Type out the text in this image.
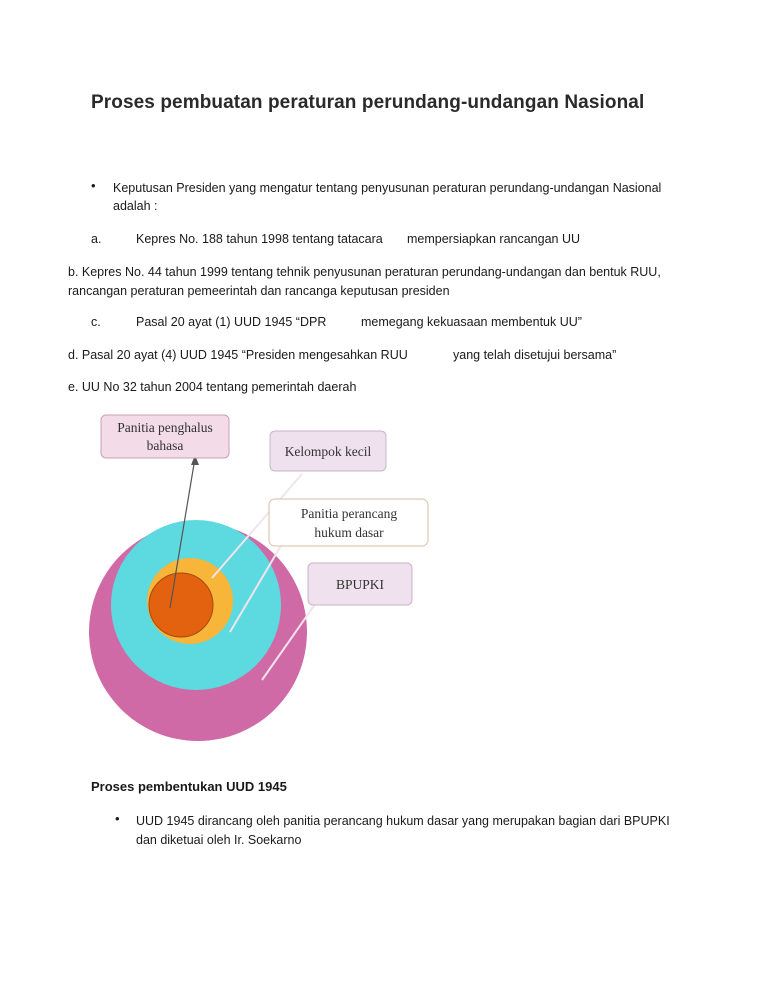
Proses pembuatan peraturan perundang-undangan Nasional
• Keputusan Presiden yang mengatur tentang penyusunan peraturan perundang-undangan Nasional
adalah :
a.	Kepres No. 188 tahun 1998 tentang tatacara mempersiapkan rancangan UU
b. Kepres No. 44 tahun 1999 tentang tehnik penyusunan peraturan perundang-undangan dan bentuk RUU,
rancangan peraturan pemeerintah dan rancanga keputusan presiden
c.	Pasal 20 ayat (1) UUD 1945 “DPR	memegang kekuasaan membentuk UU”
d. Pasal 20 ayat (4) UUD 1945 “Presiden mengesahkan RUU	yang telah disetujui bersama”
e. UU No 32 tahun 2004 tentang pemerintah daerah
Panitia penghalus
bahasa	Kelompok kecil
Panitia perancang
hukum dasar
BPUPKI
Proses pembentukan UUD 1945
• UUD 1945 dirancang oleh panitia perancang hukum dasar yang merupakan bagian dari BPUPKI
dan diketuai oleh Ir. Soekarno
